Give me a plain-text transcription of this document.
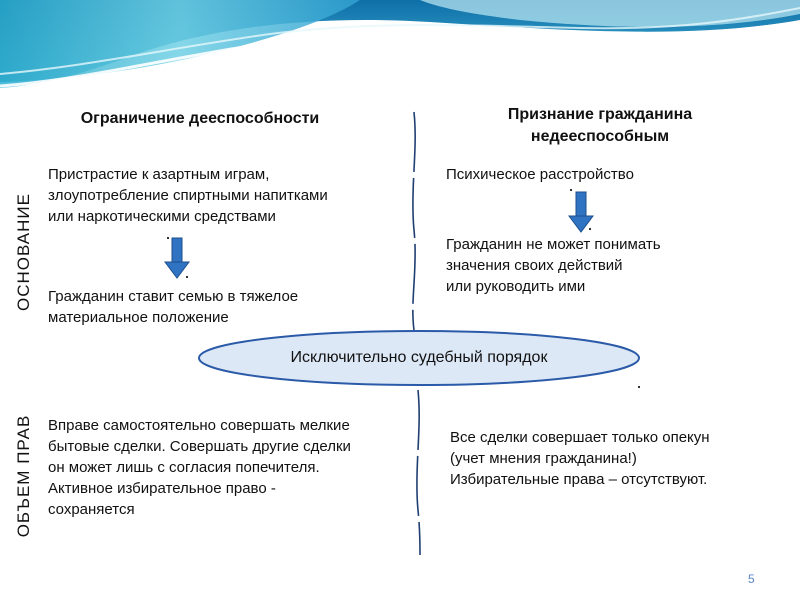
Ограничение дееспособности	Признание гражданина
недееспособным
ОСНОВАНИЕ
ОБЪЕМ ПРАВ
Пристрастие к азартным играм,
злоупотребление спиртными напитками
или наркотическими средствами
Гражданин ставит семью в тяжелое
материальное положение
Вправе самостоятельно совершать мелкие
бытовые сделки. Совершать другие сделки
он может лишь с согласия попечителя.
Активное избирательное право -
сохраняется
Психическое расстройство
Гражданин не может понимать
значения своих действий
или руководить ими
Все сделки совершает только опекун
(учет мнения гражданина!)
Избирательные права – отсутствуют.
Исключительно судебный порядок
5
